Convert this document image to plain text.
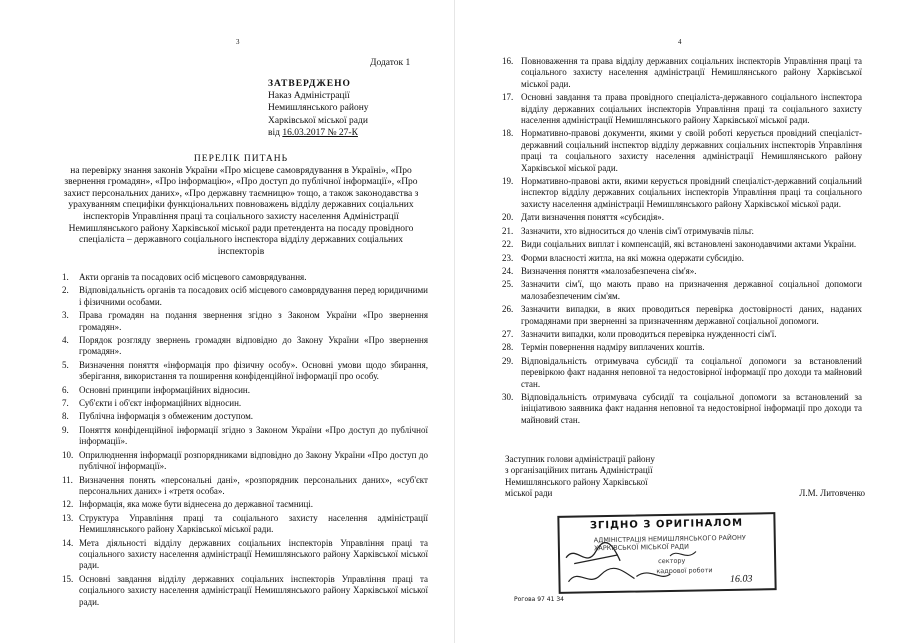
3
Додаток 1
ЗАТВЕРДЖЕНО
Наказ Адміністрації
Немишлянського району
Харківської міської ради
від 16.03.2017 № 27-К
ПЕРЕЛІК ПИТАНЬ
на перевірку знання законів України «Про місцеве самоврядування в Україні», «Про звернення громадян», «Про інформацію», «Про доступ до публічної інформації», «Про захист персональних даних», «Про державну таємницю» тощо, а також законодавства з урахуванням специфіки функціональних повноважень відділу державних соціальних інспекторів Управління праці та соціального захисту населення Адміністрації Немишлянського району Харківської міської ради претендента на посаду провідного спеціаліста – державного соціального інспектора відділу державних соціальних інспекторів
1.	Акти органів та посадових осіб місцевого самоврядування.
2.	Відповідальність органів та посадових осіб місцевого самоврядування перед юридичними і фізичними особами.
3.	Права громадян на подання звернення згідно з Законом України «Про звернення громадян».
4.	Порядок розгляду звернень громадян відповідно до Закону України «Про звернення громадян».
5.	Визначення поняття «інформація про фізичну особу». Основні умови щодо збирання, зберігання, використання та поширення конфіденційної інформації про особу.
6.	Основні принципи інформаційних відносин.
7.	Суб'єкти і об'єкт інформаційних відносин.
8.	Публічна інформація з обмеженим доступом.
9.	Поняття конфіденційної інформації згідно з Законом України «Про доступ до публічної інформації».
10. Оприлюднення інформації розпорядниками відповідно до Закону України «Про доступ до публічної інформації».
11. Визначення понять «персональні дані», «розпорядник персональних даних», «суб'єкт персональних даних» і «третя особа».
12. Інформація, яка може бути віднесена до державної таємниці.
13. Структура Управління праці та соціального захисту населення адміністрації Немишлянського району Харківської міської ради.
14. Мета діяльності відділу державних соціальних інспекторів Управління праці та соціального захисту населення адміністрації Немишлянського району Харківської міської ради.
15. Основні завдання відділу державних соціальних інспекторів Управління праці та соціального захисту населення адміністрації Немишлянського району Харківської міської ради.
4
16. Повноваження та права відділу державних соціальних інспекторів Управління праці та соціального захисту населення адміністрації Немишлянського району Харківської міської ради.
17. Основні завдання та права провідного спеціаліста-державного соціального інспектора відділу державних соціальних інспекторів Управління праці та соціального захисту населення адміністрації Немишлянського району Харківської міської ради.
18. Нормативно-правові документи, якими у своїй роботі керується провідний спеціаліст-державний соціальний інспектор відділу державних соціальних інспекторів Управління праці та соціального захисту населення адміністрації Немишлянського району Харківської міської ради.
19. Нормативно-правові акти, якими керується провідний спеціаліст-державний соціальний інспектор відділу державних соціальних інспекторів Управління праці та соціального захисту населення адміністрації Немишлянського району Харківської міської ради.
20. Дати визначення поняття «субсидія».
21. Зазначити, хто відноситься до членів сім'ї отримувачів пільг.
22. Види соціальних виплат і компенсацій, які встановлені законодавчими актами України.
23. Форми власності житла, на які можна одержати субсидію.
24. Визначення поняття «малозабезпечена сім'я».
25. Зазначити сім'ї, що мають право на призначення державної соціальної допомоги малозабезпеченим сім'ям.
26. Зазначити випадки, в яких проводиться перевірка достовірності даних, наданих громадянами при зверненні за призначенням державної соціальної допомоги.
27. Зазначити випадки, коли проводиться перевірка нужденності сім'ї.
28. Термін повернення надміру виплачених коштів.
29. Відповідальність отримувача субсидії та соціальної допомоги за встановлений перевіркою факт надання неповної та недостовірної інформації про доходи та майновий стан.
30. Відповідальність отримувача субсидії та соціальної допомоги за встановлений за ініціативою заявника факт надання неповної та недостовірної інформації про доходи та майновий стан.
Заступник голови адміністрації району
з організаційних питань Адміністрації
Немишлянського району Харківської
міської ради	Л.М. Литовченко
ЗГІДНО З ОРИГІНАЛОМ
АДМІНІСТРАЦІЯ НЕМИШЛЯНСЬКОГО РАЙОНУ
ХАРКІВСЬКОЇ МІСЬКОЇ РАДИ
сектору
кадрової роботи
16.03
Рогова 97 41 34
